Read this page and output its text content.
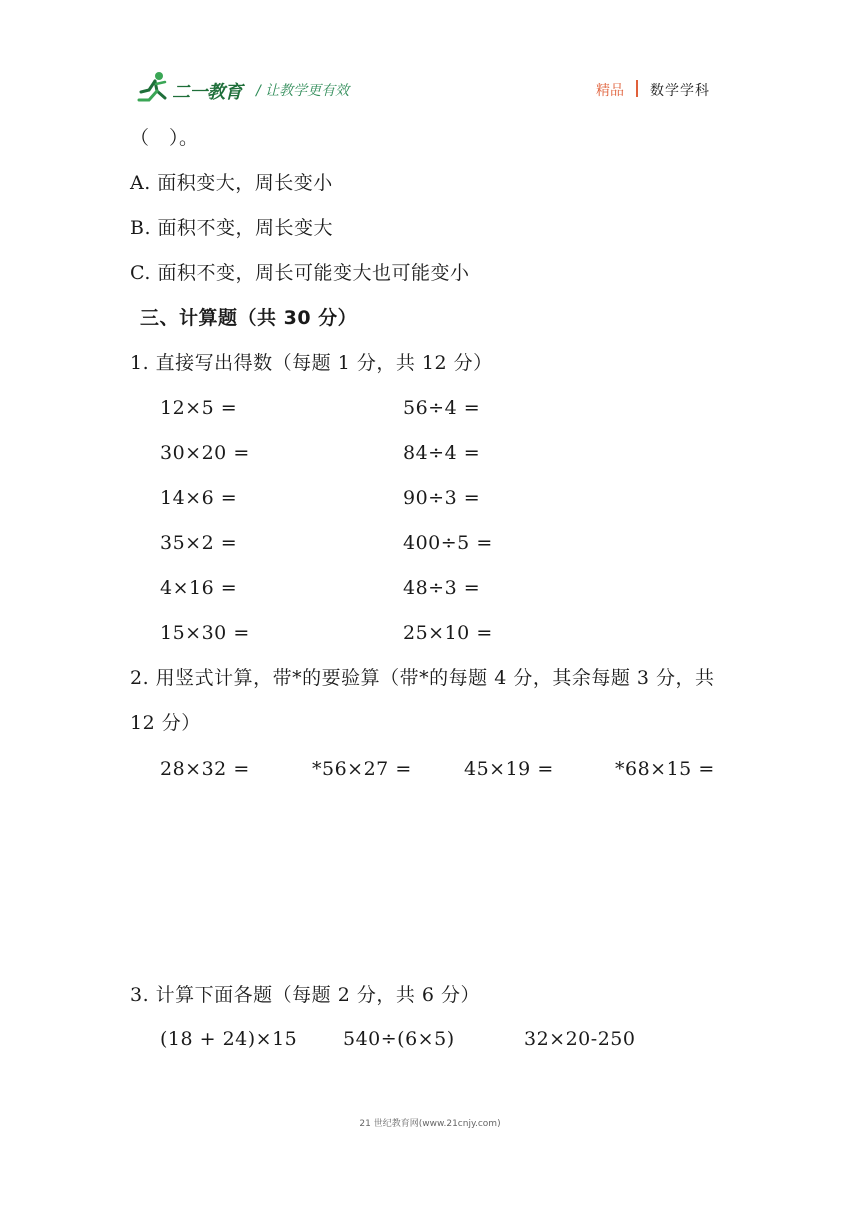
二一教育 / 让教学更有效	精品 数学学科
（　）。
A. 面积变大，周长变小
B. 面积不变，周长变大
C. 面积不变，周长可能变大也可能变小
三、计算题（共 30 分）
1. 直接写出得数（每题 1 分，共 12 分）
12×5 =	56÷4 =
30×20 =	84÷4 =
14×6 =	90÷3 =
35×2 =	400÷5 =
4×16 =	48÷3 =
15×30 =	25×10 =
2. 用竖式计算，带*的要验算（带*的每题 4 分，其余每题 3 分，共
12 分）
28×32 =	*56×27 =	45×19 =	*68×15 =
3. 计算下面各题（每题 2 分，共 6 分）
(18 + 24)×15 540÷(6×5)	32×20-250
21 世纪教育网(www.21cnjy.com)
